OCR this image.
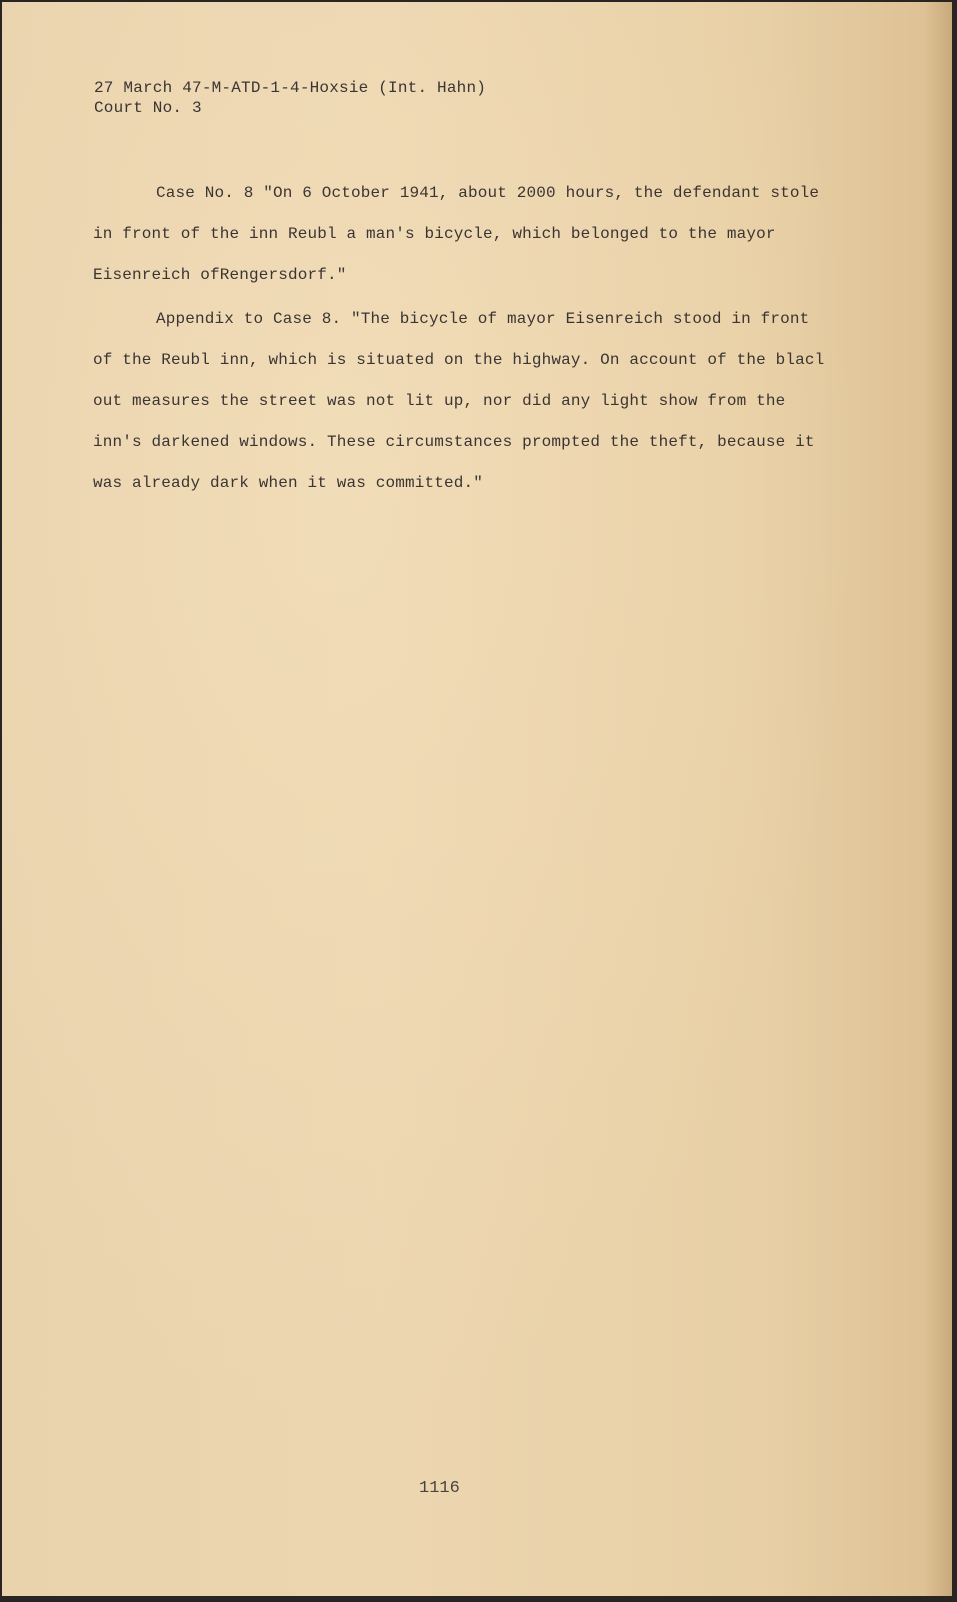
27 March 47-M-ATD-1-4-Hoxsie (Int. Hahn)
Court No. 3
Case No. 8 "On 6 October 1941, about 2000 hours, the defendant stole
in front of the inn Reubl a man's bicycle, which belonged to the mayor
Eisenreich ofRengersdorf."
Appendix to Case 8. "The bicycle of mayor Eisenreich stood in front
of the Reubl inn, which is situated on the highway. On account of the blacl
out measures the street was not lit up, nor did any light show from the
inn's darkened windows. These circumstances prompted the theft, because it
was already dark when it was committed."
1116
